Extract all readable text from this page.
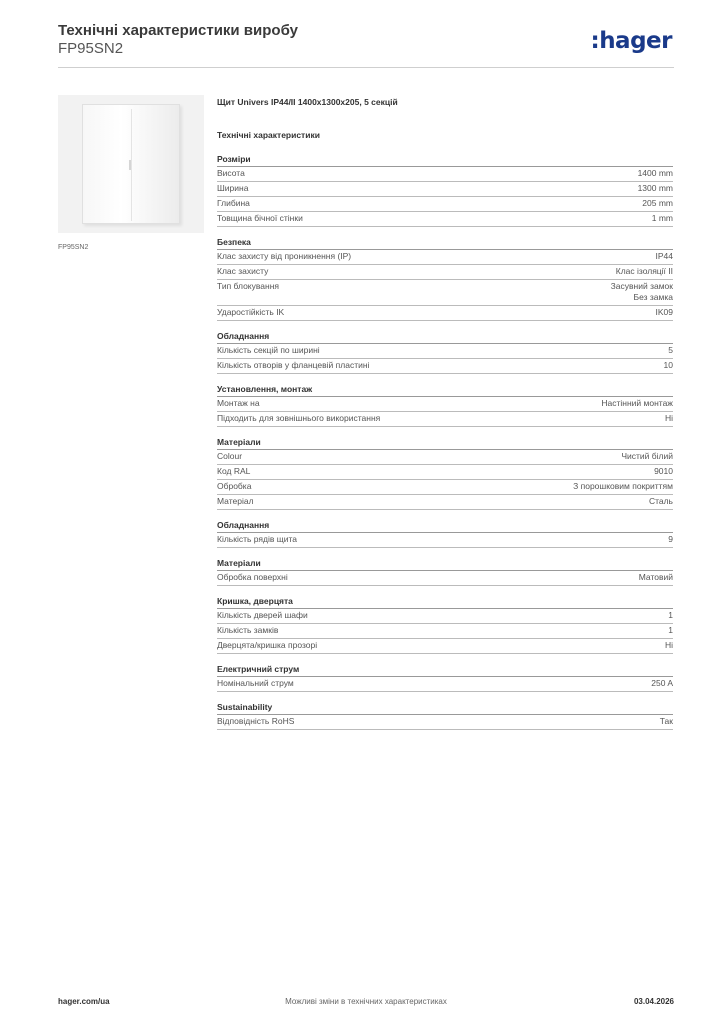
Технічні характеристики виробу
FP95SN2	:hager
FP95SN2
Щит Univers IP44/II 1400x1300x205, 5 секцій
Технічні характеристики
Розміри
Висота	1400 mm
Ширина	1300 mm
Глибина	205 mm
Товщина бічної стінки	1 mm
Безпека
Клас захисту від проникнення (IP)	IP44
Клас захисту	Клас ізоляції II
Тип блокування	Засувний замок
Без замка
Ударостійкість IK	IK09
Обладнання
Кількість секцій по ширині	5
Кількість отворів у фланцевій пластині	10
Установлення, монтаж
Монтаж на	Настінний монтаж
Підходить для зовнішнього використання	Ні
Матеріали
Colour	Чистий білий
Код RAL	9010
Обробка	З порошковим покриттям
Матеріал	Сталь
Обладнання
Кількість рядів щита	9
Матеріали
Обробка поверхні	Матовий
Кришка, дверцята
Кількість дверей шафи	1
Кількість замків	1
Дверцята/кришка прозорі	Ні
Електричний струм
Номінальний струм	250 A
Sustainability
Відповідність RoHS	Так
Можливі зміни в технічних характеристиках
hager.com/ua	03.04.2026
